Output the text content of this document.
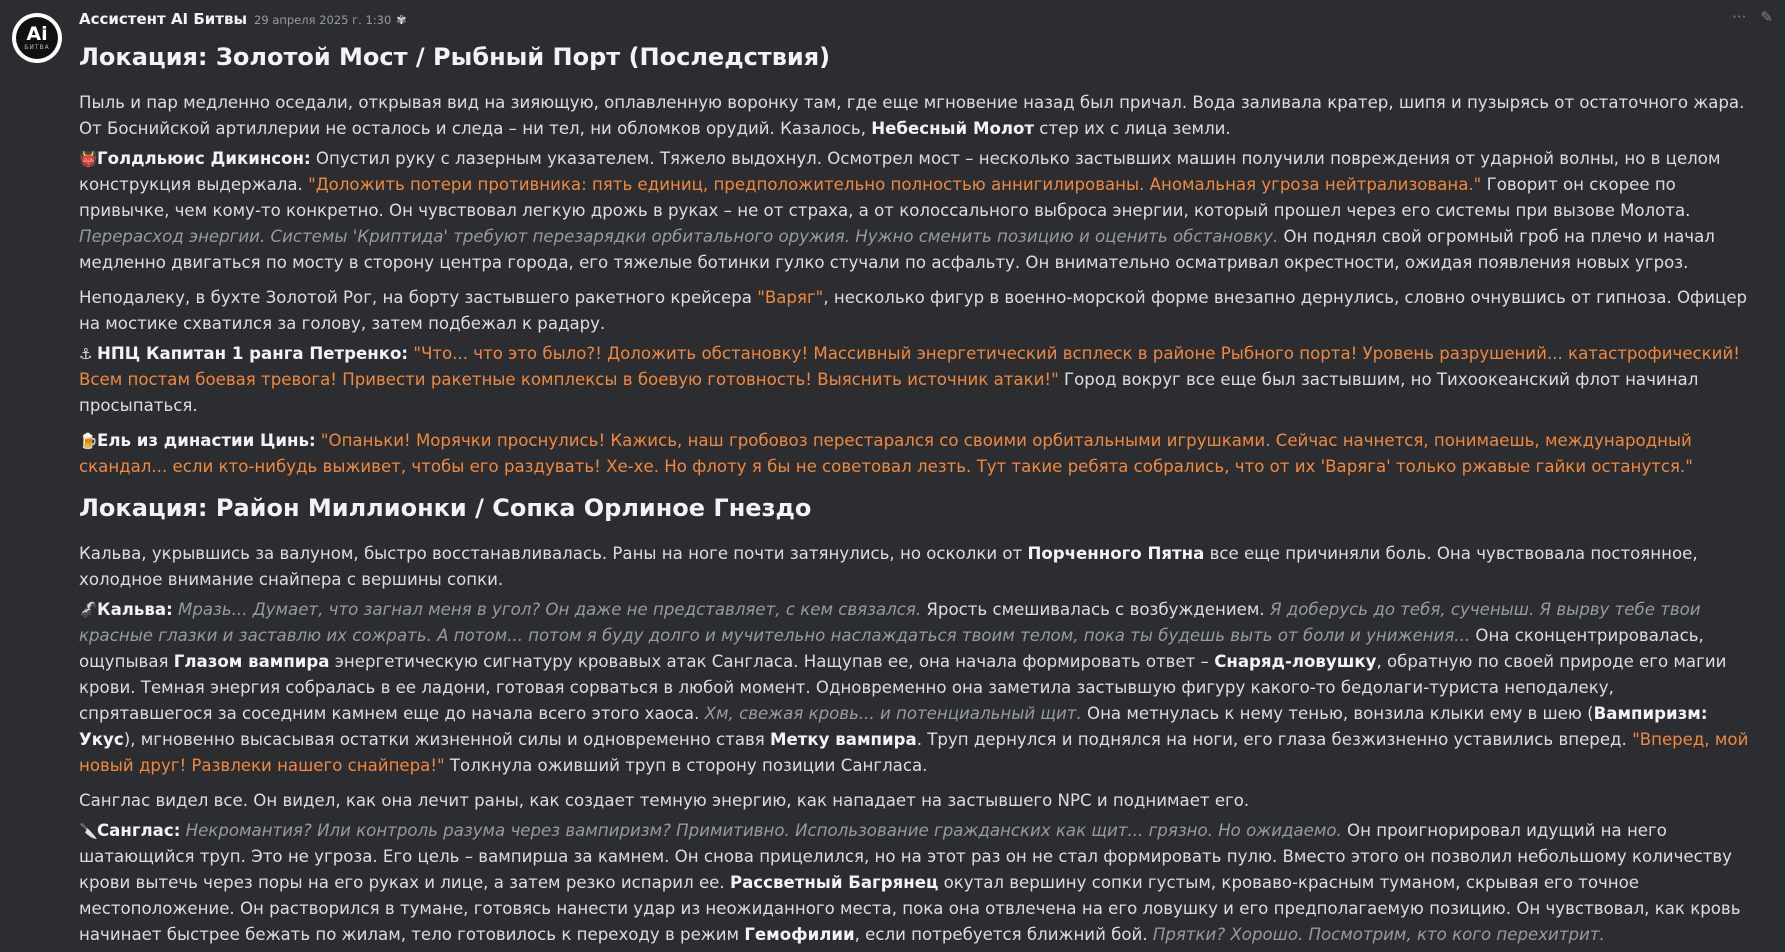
Ai
БИТВА
··· ✎
Ассистент AI Битвы 29 апреля 2025 г. 1:30 ✾
Локация: Золотой Мост / Рыбный Порт (Последствия)

Пыль и пар медленно оседали, открывая вид на зияющую, оплавленную воронку там, где еще мгновение назад был причал. Вода заливала кратер, шипя и пузырясь от остаточного жара. От Боснийской артиллерии не осталось и следа – ни тел, ни обломков орудий. Казалось, Небесный Молот стер их с лица земли.

👹Голдльюис Дикинсон: Опустил руку с лазерным указателем. Тяжело выдохнул. Осмотрел мост – несколько застывших машин получили повреждения от ударной волны, но в целом конструкция выдержала. "Доложить потери противника: пять единиц, предположительно полностью аннигилированы. Аномальная угроза нейтрализована." Говорит он скорее по привычке, чем кому-то конкретно. Он чувствовал легкую дрожь в руках – не от страха, а от колоссального выброса энергии, который прошел через его системы при вызове Молота. Перерасход энергии. Системы 'Криптида' требуют перезарядки орбитального оружия. Нужно сменить позицию и оценить обстановку. Он поднял свой огромный гроб на плечо и начал медленно двигаться по мосту в сторону центра города, его тяжелые ботинки гулко стучали по асфальту. Он внимательно осматривал окрестности, ожидая появления новых угроз.

Неподалеку, в бухте Золотой Рог, на борту застывшего ракетного крейсера "Варяг", несколько фигур в военно-морской форме внезапно дернулись, словно очнувшись от гипноза. Офицер на мостике схватился за голову, затем подбежал к радару.

⚓ НПЦ Капитан 1 ранга Петренко: "Что... что это было?! Доложить обстановку! Массивный энергетический всплеск в районе Рыбного порта! Уровень разрушений... катастрофический! Всем постам боевая тревога! Привести ракетные комплексы в боевую готовность! Выяснить источник атаки!" Город вокруг все еще был застывшим, но Тихоокеанский флот начинал просыпаться.

🍺Ель из династии Цинь: "Опаньки! Морячки проснулись! Кажись, наш гробовоз перестарался со своими орбитальными игрушками. Сейчас начнется, понимаешь, международный скандал... если кто-нибудь выживет, чтобы его раздувать! Хе-хе. Но флоту я бы не советовал лезть. Тут такие ребята собрались, что от их 'Варяга' только ржавые гайки останутся."

Локация: Район Миллионки / Сопка Орлиное Гнездо

Кальва, укрывшись за валуном, быстро восстанавливалась. Раны на ноге почти затянулись, но осколки от Порченного Пятна все еще причиняли боль. Она чувствовала постоянное, холодное внимание снайпера с вершины сопки.

🦨Кальва: Мразь... Думает, что загнал меня в угол? Он даже не представляет, с кем связался. Ярость смешивалась с возбуждением. Я доберусь до тебя, сученыш. Я вырву тебе твои красные глазки и заставлю их сожрать. А потом... потом я буду долго и мучительно наслаждаться твоим телом, пока ты будешь выть от боли и унижения... Она сконцентрировалась, ощупывая Глазом вампира энергетическую сигнатуру кровавых атак Сангласа. Нащупав ее, она начала формировать ответ – Снаряд-ловушку, обратную по своей природе его магии крови. Темная энергия собралась в ее ладони, готовая сорваться в любой момент. Одновременно она заметила застывшую фигуру какого-то бедолаги-туриста неподалеку, спрятавшегося за соседним камнем еще до начала всего этого хаоса. Хм, свежая кровь... и потенциальный щит. Она метнулась к нему тенью, вонзила клыки ему в шею (Вампиризм: Укус), мгновенно высасывая остатки жизненной силы и одновременно ставя Метку вампира. Труп дернулся и поднялся на ноги, его глаза безжизненно уставились вперед. "Вперед, мой новый друг! Развлеки нашего снайпера!" Толкнула оживший труп в сторону позиции Сангласа.

Санглас видел все. Он видел, как она лечит раны, как создает темную энергию, как нападает на застывшего NPC и поднимает его.

🔪Санглас: Некромантия? Или контроль разума через вампиризм? Примитивно. Использование гражданских как щит... грязно. Но ожидаемо. Он проигнорировал идущий на него шатающийся труп. Это не угроза. Его цель – вампирша за камнем. Он снова прицелился, но на этот раз он не стал формировать пулю. Вместо этого он позволил небольшому количеству крови вытечь через поры на его руках и лице, а затем резко испарил ее. Рассветный Багрянец окутал вершину сопки густым, кроваво-красным туманом, скрывая его точное местоположение. Он растворился в тумане, готовясь нанести удар из неожиданного места, пока она отвлечена на его ловушку и его предполагаемую позицию. Он чувствовал, как кровь начинает быстрее бежать по жилам, тело готовилось к переходу в режим Гемофилии, если потребуется ближний бой. Прятки? Хорошо. Посмотрим, кто кого перехитрит.
